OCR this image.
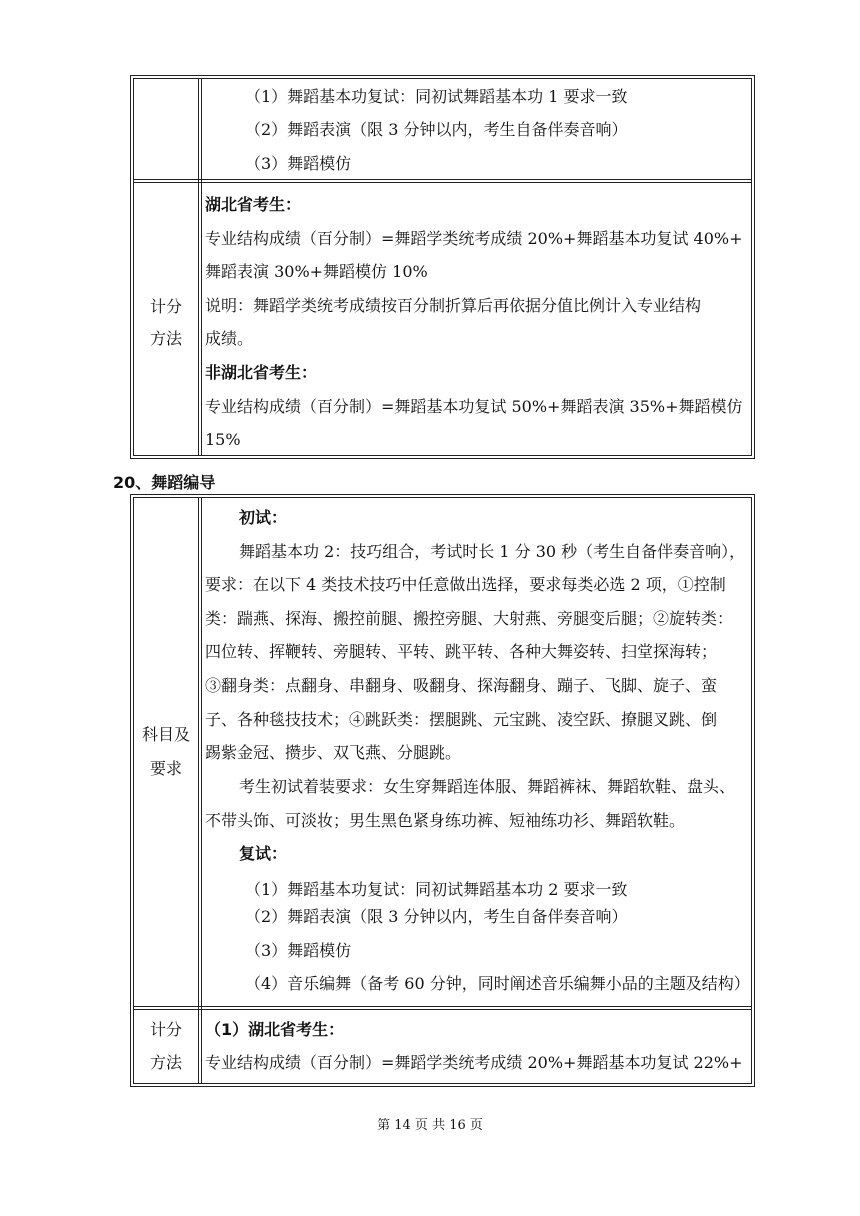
（1）舞蹈基本功复试：同初试舞蹈基本功 1 要求一致
（2）舞蹈表演（限 3 分钟以内，考生自备伴奏音响）
（3）舞蹈模仿
计分
方法
湖北省考生：
专业结构成绩（百分制）=舞蹈学类统考成绩 20%+舞蹈基本功复试 40%+
舞蹈表演 30%+舞蹈模仿 10%
说明：舞蹈学类统考成绩按百分制折算后再依据分值比例计入专业结构
成绩。
非湖北省考生：
专业结构成绩（百分制）=舞蹈基本功复试 50%+舞蹈表演 35%+舞蹈模仿
15%
20、舞蹈编导
科目及
要求
初试：
舞蹈基本功 2：技巧组合，考试时长 1 分 30 秒（考生自备伴奏音响），
要求：在以下 4 类技术技巧中任意做出选择，要求每类必选 2 项，①控制
类：踹燕、探海、搬控前腿、搬控旁腿、大射燕、旁腿变后腿；②旋转类：
四位转、挥鞭转、旁腿转、平转、跳平转、各种大舞姿转、扫堂探海转；
③翻身类：点翻身、串翻身、吸翻身、探海翻身、蹦子、飞脚、旋子、蛮
子、各种毯技技术；④跳跃类：摆腿跳、元宝跳、凌空跃、撩腿叉跳、倒
踢紫金冠、攒步、双飞燕、分腿跳。
考生初试着装要求：女生穿舞蹈连体服、舞蹈裤袜、舞蹈软鞋、盘头、
不带头饰、可淡妆；男生黑色紧身练功裤、短袖练功衫、舞蹈软鞋。
复试：
（1）舞蹈基本功复试：同初试舞蹈基本功 2 要求一致
（2）舞蹈表演（限 3 分钟以内，考生自备伴奏音响）
（3）舞蹈模仿
（4）音乐编舞（备考 60 分钟，同时阐述音乐编舞小品的主题及结构）
计分
方法
（1）湖北省考生：
专业结构成绩（百分制）=舞蹈学类统考成绩 20%+舞蹈基本功复试 22%+
第 14 页 共 16 页
